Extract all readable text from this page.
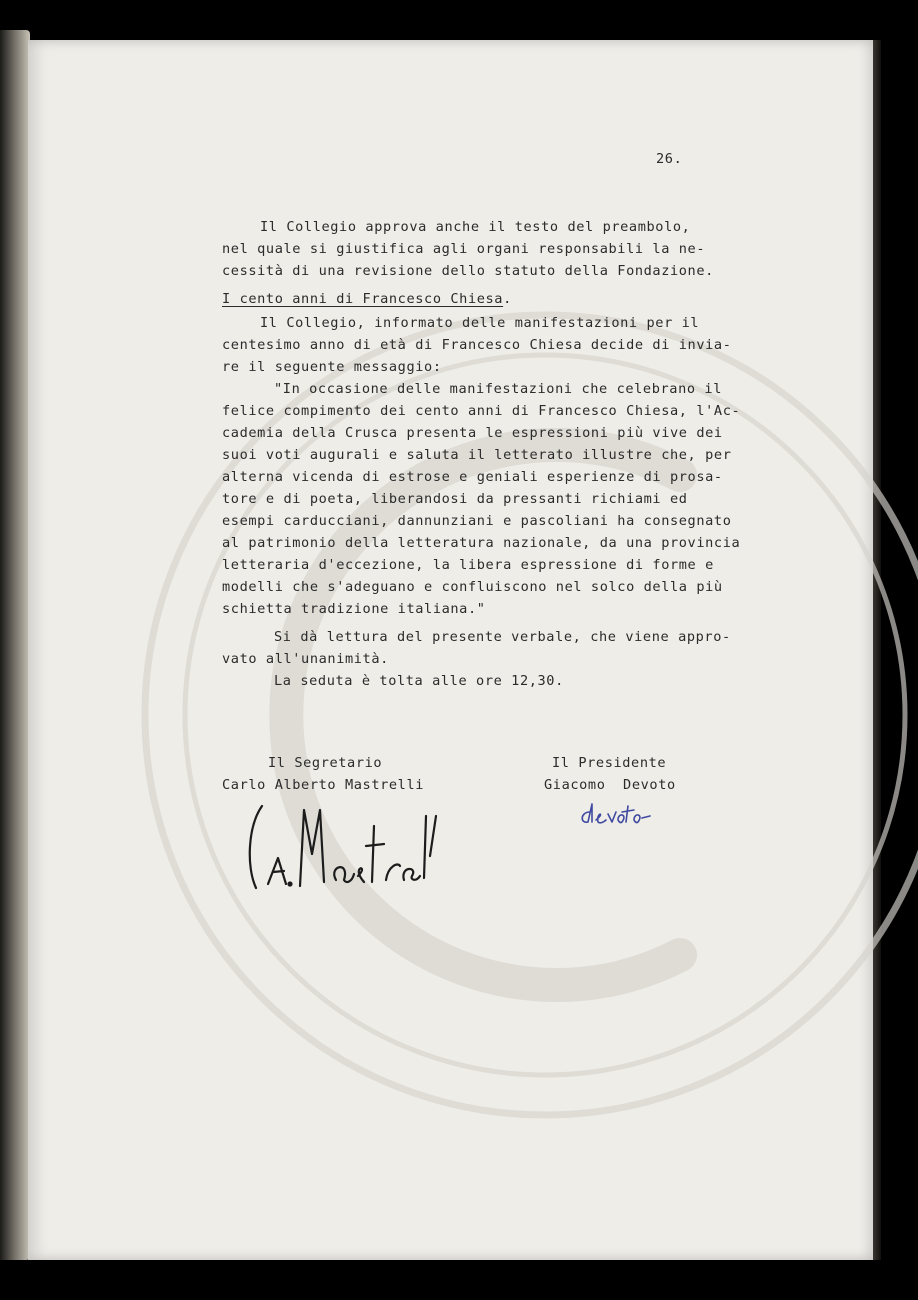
26.

Il Collegio approva anche il testo del preambolo,

nel quale si giustifica agli organi responsabili la ne-

cessità di una revisione dello statuto della Fondazione.

I cento anni di Francesco Chiesa.

Il Collegio, informato delle manifestazioni per il

centesimo anno di età di Francesco Chiesa decide di invia-

re il seguente messaggio:

"In occasione delle manifestazioni che celebrano il

felice compimento dei cento anni di Francesco Chiesa, l'Ac-

cademia della Crusca presenta le espressioni più vive dei

suoi voti augurali e saluta il letterato illustre che, per

alterna vicenda di estrose e geniali esperienze di prosa-

tore e di poeta, liberandosi da pressanti richiami ed

esempi carducciani, dannunziani e pascoliani ha consegnato

al patrimonio della letteratura nazionale, da una provincia

letteraria d'eccezione, la libera espressione di forme e

modelli che s'adeguano e confluiscono nel solco della più

schietta tradizione italiana."

Si dà lettura del presente verbale, che viene appro-

vato all'unanimità.

La seduta è tolta alle ore 12,30.

Il Segretario

Carlo Alberto Mastrelli

Il Presidente

Giacomo  Devoto
